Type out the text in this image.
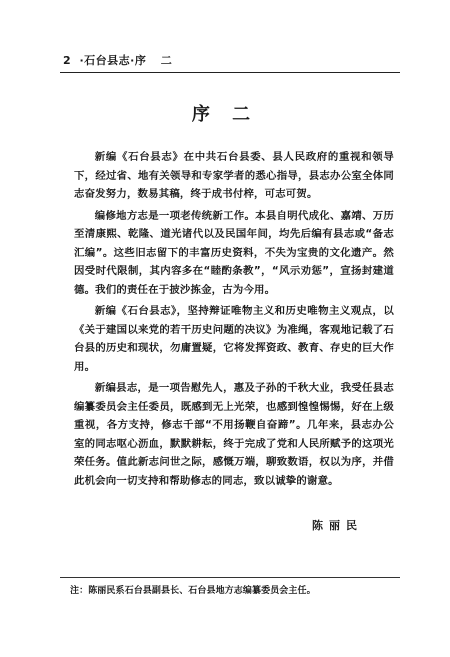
2 ·石台县志·序 二
序 二

新编《石台县志》在中共石台县委、县人民政府的重视和领导下，经过省、地有关领导和专家学者的悉心指导，县志办公室全体同志奋发努力，数易其稿，终于成书付梓，可志可贺。

编修地方志是一项老传统新工作。本县自明代成化、嘉靖、万历至清康熙、乾隆、道光诸代以及民国年间，均先后编有县志或“备志汇编”。这些旧志留下的丰富历史资料，不失为宝贵的文化遗产。然因受时代限制，其内容多在“睦酌条教”，“风示劝惩”，宣扬封建道德。我们的责任在于披沙拣金，古为今用。

新编《石台县志》，坚持辩证唯物主义和历史唯物主义观点，以《关于建国以来党的若干历史问题的决议》为准绳，客观地记载了石台县的历史和现状，勿庸置疑，它将发挥资政、教育、存史的巨大作用。

新编县志，是一项告慰先人，惠及子孙的千秋大业，我受任县志编纂委员会主任委员，既感到无上光荣，也感到惶惶惕惕，好在上级重视，各方支持，修志千部“不用扬鞭自奋蹄”。几年来，县志办公室的同志呕心沥血，默默耕耘，终于完成了党和人民所赋予的这项光荣任务。值此新志问世之际，感慨万端，聊致数语，权以为序，并借此机会向一切支持和帮助修志的同志，致以诚挚的谢意。

陈丽民
注：陈丽民系石台县副县长、石台县地方志编纂委员会主任。
